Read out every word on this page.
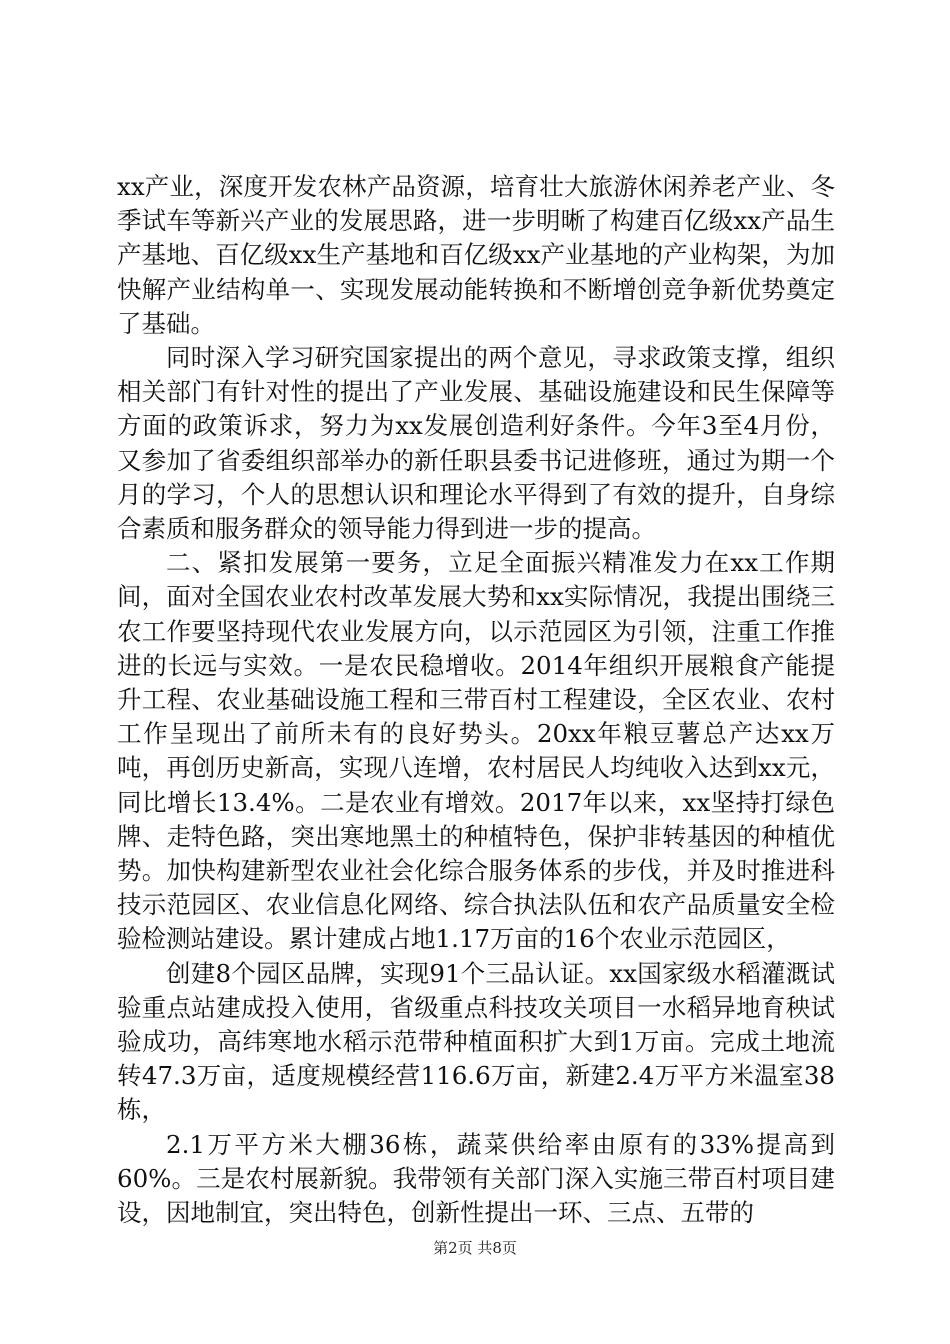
xx产业，深度开发农林产品资源，培育壮大旅游休闲养老产业、冬季试车等新兴产业的发展思路，进一步明晰了构建百亿级xx产品生产基地、百亿级xx生产基地和百亿级xx产业基地的产业构架，为加快解产业结构单一、实现发展动能转换和不断增创竞争新优势奠定了基础。

同时深入学习研究国家提出的两个意见，寻求政策支撑，组织相关部门有针对性的提出了产业发展、基础设施建设和民生保障等方面的政策诉求，努力为xx发展创造利好条件。今年3至4月份，又参加了省委组织部举办的新任职县委书记进修班，通过为期一个月的学习，个人的思想认识和理论水平得到了有效的提升，自身综合素质和服务群众的领导能力得到进一步的提高。

二、紧扣发展第一要务，立足全面振兴精准发力在xx工作期间，面对全国农业农村改革发展大势和xx实际情况，我提出围绕三农工作要坚持现代农业发展方向，以示范园区为引领，注重工作推进的长远与实效。一是农民稳增收。2014年组织开展粮食产能提升工程、农业基础设施工程和三带百村工程建设，全区农业、农村工作呈现出了前所未有的良好势头。20xx年粮豆薯总产达xx万吨，再创历史新高，实现八连增，农村居民人均纯收入达到xx元，同比增长13.4%。二是农业有增效。2017年以来，xx坚持打绿色牌、走特色路，突出寒地黑土的种植特色，保护非转基因的种植优势。加快构建新型农业社会化综合服务体系的步伐，并及时推进科技示范园区、农业信息化网络、综合执法队伍和农产品质量安全检验检测站建设。累计建成占地1.17万亩的16个农业示范园区，

创建8个园区品牌，实现91个三品认证。xx国家级水稻灌溉试验重点站建成投入使用，省级重点科技攻关项目一水稻异地育秧试验成功，高纬寒地水稻示范带种植面积扩大到1万亩。完成土地流转47.3万亩，适度规模经营116.6万亩，新建2.4万平方米温室38栋，

2.1万平方米大棚36栋，蔬菜供给率由原有的33%提高到60%。三是农村展新貌。我带领有关部门深入实施三带百村项目建设，因地制宜，突出特色，创新性提出一环、三点、五带的

第2页 共8页
